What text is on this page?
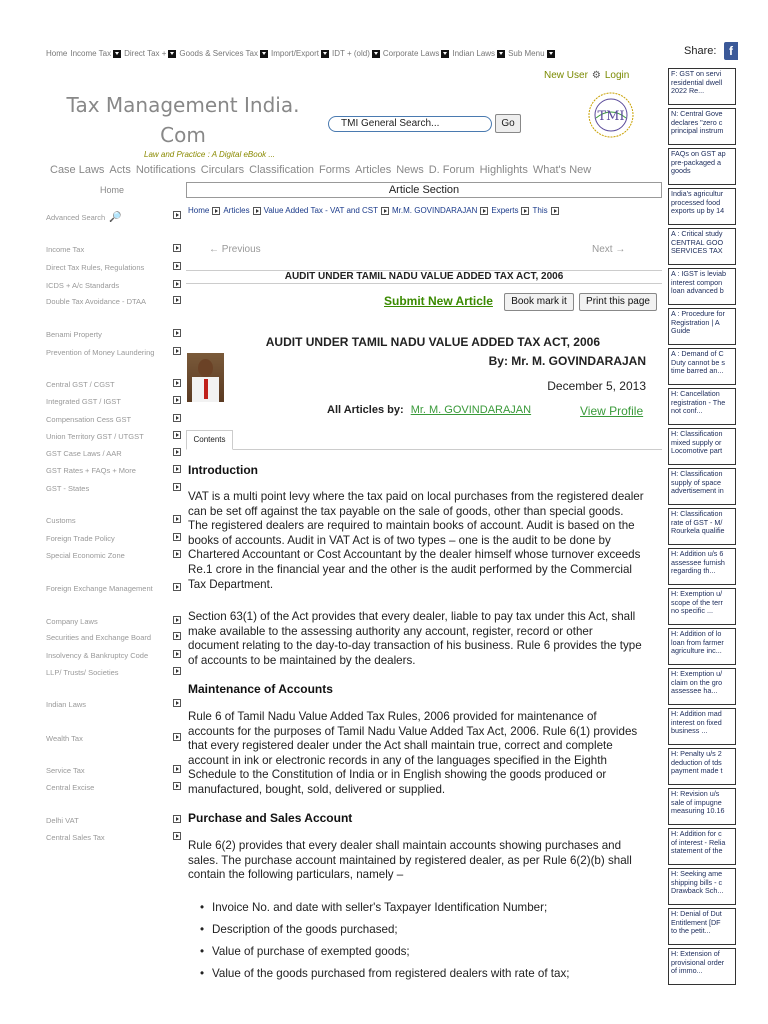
Home Income Tax Direct Tax + Goods & Services Tax Import/Export IDT + (old) Corporate Laws Indian Laws Sub Menu	Share:	f
New User ⚙ Login
Tax Management India.
Com
Law and Practice : A Digital eBook ...
TMI General Search...	Go	TMI
Case Laws Acts Notifications Circulars Classification Forms Articles News D. Forum Highlights What's New
Home
Advanced Search 🔎
Income Tax
Direct Tax Rules, Regulations
ICDS + A/c Standards
Double Tax Avoidance - DTAA
Benami Property
Prevention of Money Laundering
Central GST / CGST
Integrated GST / IGST
Compensation Cess GST
Union Territory GST / UTGST
GST Case Laws / AAR
GST Rates + FAQs + More
GST - States
Customs
Foreign Trade Policy
Special Economic Zone
Foreign Exchange Management
Company Laws
Securities and Exchange Board
Insolvency & Bankruptcy Code
LLP/ Trusts/ Societies
Indian Laws
Wealth Tax
Service Tax
Central Excise
Delhi VAT
Central Sales Tax
Article Section
Home Articles Value Added Tax - VAT and CST Mr.M. GOVINDARAJAN Experts This
← Previous	Next →
AUDIT UNDER TAMIL NADU VALUE ADDED TAX ACT, 2006
Submit New Article	Book mark it	Print this page
AUDIT UNDER TAMIL NADU VALUE ADDED TAX ACT, 2006
By: Mr. M. GOVINDARAJAN
December 5, 2013
All Articles by: Mr. M. GOVINDARAJAN	View Profile
Contents
Introduction
VAT is a multi point levy where the tax paid on local purchases from the registered dealer can be set off against the tax payable on the sale of goods, other than special goods. The registered dealers are required to maintain books of account. Audit is based on the books of accounts. Audit in VAT Act is of two types – one is the audit to be done by Chartered Accountant or Cost Accountant by the dealer himself whose turnover exceeds Re.1 crore in the financial year and the other is the audit performed by the Commercial Tax Department.
Section 63(1) of the Act provides that every dealer, liable to pay tax under this Act, shall make available to the assessing authority any account, register, record or other document relating to the day-to-day transaction of his business. Rule 6 provides the type of accounts to be maintained by the dealers.
Maintenance of Accounts
Rule 6 of Tamil Nadu Value Added Tax Rules, 2006 provided for maintenance of accounts for the purposes of Tamil Nadu Value Added Tax Act, 2006. Rule 6(1) provides that every registered dealer under the Act shall maintain true, correct and complete account in ink or electronic records in any of the languages specified in the Eighth Schedule to the Constitution of India or in English showing the goods produced or manufactured, bought, sold, delivered or supplied.
Purchase and Sales Account
Rule 6(2) provides that every dealer shall maintain accounts showing purchases and sales. The purchase account maintained by registered dealer, as per Rule 6(2)(b) shall contain the following particulars, namely –
• Invoice No. and date with seller's Taxpayer Identification Number;
• Description of the goods purchased;
• Value of purchase of exempted goods;
• Value of the goods purchased from registered dealers with rate of tax;
F: GST on servi
residential dwell
2022 Re...
N: Central Gove
declares "zero c
principal instrum
FAQs on GST ap
pre-packaged a
goods
India's agricultur
processed food
exports up by 14
A : Critical study
CENTRAL GOO
SERVICES TAX
A : IGST is leviab
interest compon
loan advanced b
A : Procedure for
Registration | A
Guide
A : Demand of C
Duty cannot be s
time barred an...
H: Cancellation
registration - The
not conf...
H: Classification
mixed supply or
Locomotive part
H: Classification
supply of space
advertisement in
H: Classification
rate of GST - M/
Rourkela qualifie
H: Addition u/s 6
assessee furnish
regarding th...
H: Exemption u/
scope of the terr
no specific ...
H: Addition of lo
loan from farmer
agriculture inc...
H: Exemption u/
claim on the gro
assessee ha...
H: Addition mad
interest on fixed
business ...
H: Penalty u/s 2
deduction of tds
payment made t
H: Revision u/s
sale of impugne
measuring 10.16
H: Addition for c
of interest - Relia
statement of the
H: Seeking ame
shipping bills - c
Drawback Sch...
H: Denial of Dut
Entitlement [DF
to the petit...
H: Extension of
provisional order
of immo...
